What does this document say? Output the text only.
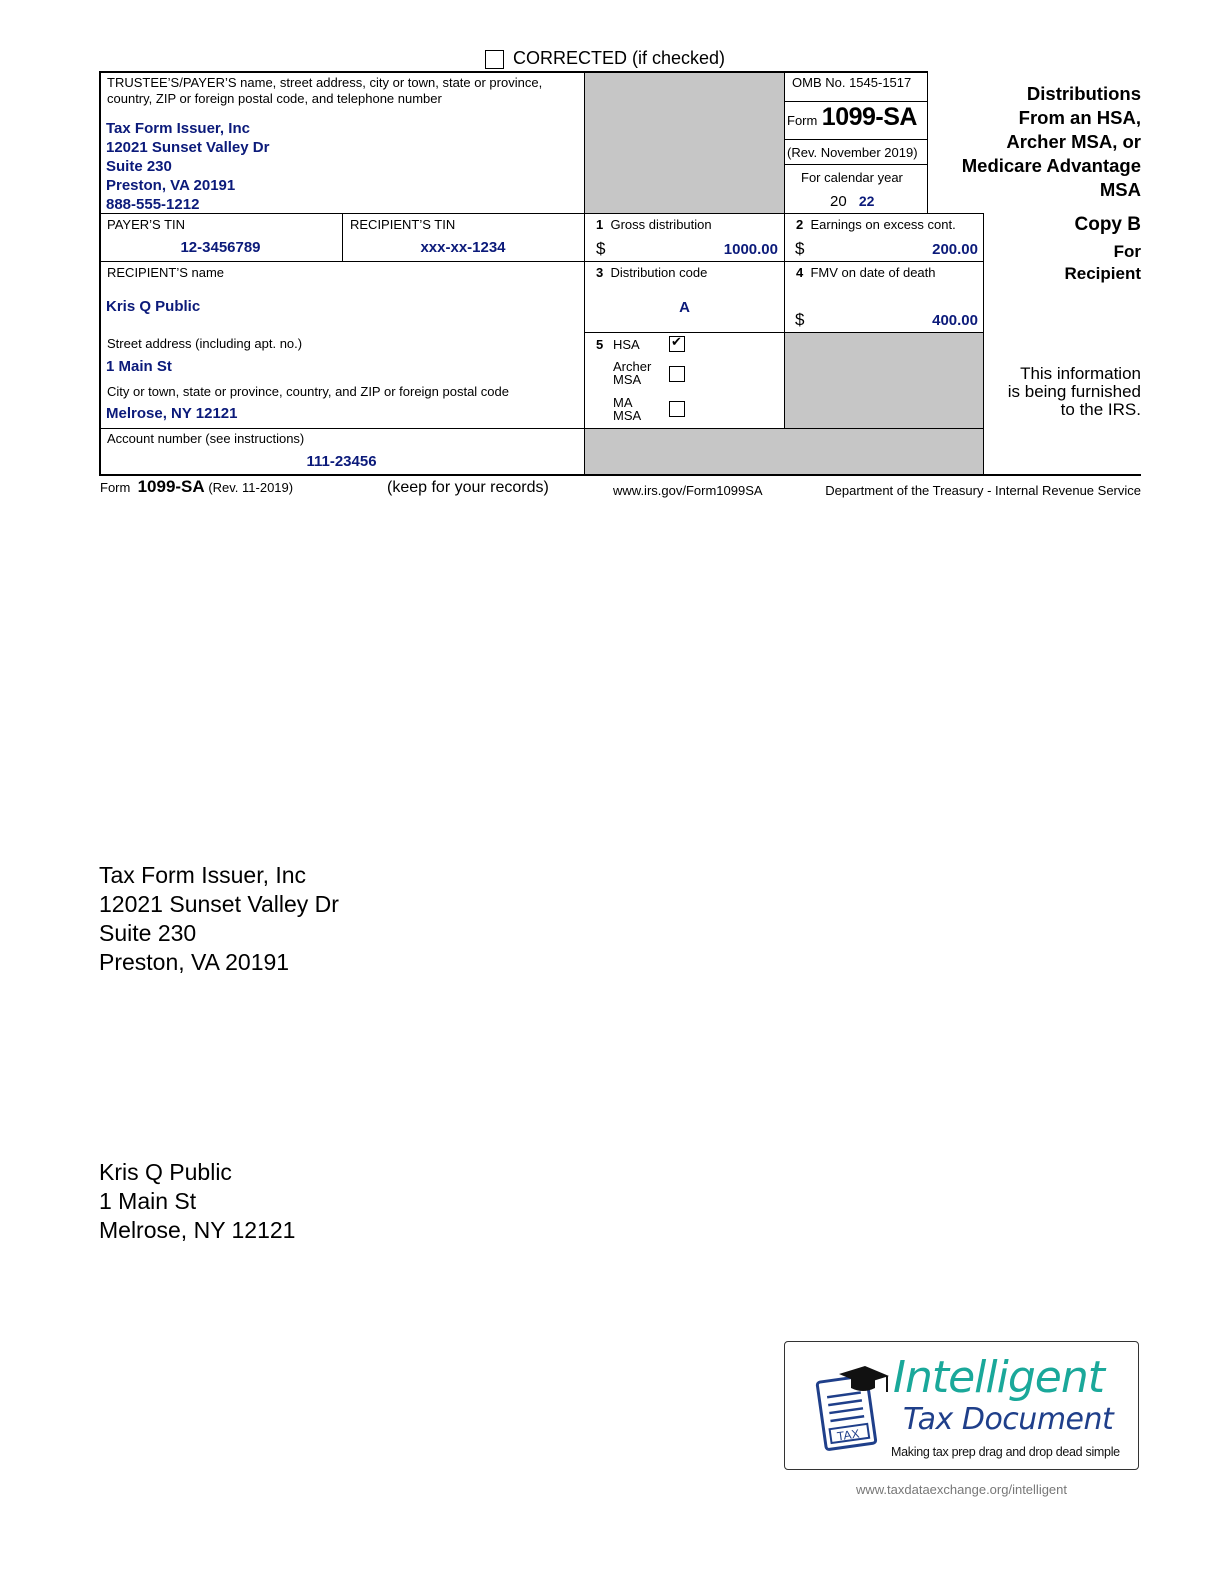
CORRECTED (if checked)
TRUSTEE’S/PAYER’S name, street address, city or town, state or province, country, ZIP or foreign postal code, and telephone number
Tax Form Issuer, Inc
12021 Sunset Valley Dr
Suite 230
Preston, VA 20191
888-555-1212
OMB No. 1545-1517
Form 1099-SA
(Rev. November 2019)
For calendar year
20 22
Distributions
From an HSA,
Archer MSA, or
Medicare Advantage
MSA
PAYER’S TIN
12-3456789
RECIPIENT’S TIN
xxx-xx-1234
1 Gross distribution
$	1000.00
2 Earnings on excess cont.
$	200.00
Copy B
For
Recipient
RECIPIENT’S name
Kris Q Public
3 Distribution code
A
4 FMV on date of death
$	400.00
Street address (including apt. no.)
1 Main St
City or town, state or province, country, and ZIP or foreign postal code
Melrose, NY 12121
5 HSA
✔
Archer
MSA
MA
MSA
This information
is being furnished
to the IRS.
Account number (see instructions)
111-23456
Form 1099-SA (Rev. 11-2019)	(keep for your records)	www.irs.gov/Form1099SA	Department of the Treasury - Internal Revenue Service
Tax Form Issuer, Inc
12021 Sunset Valley Dr
Suite 230
Preston, VA 20191
Kris Q Public
1 Main St
Melrose, NY 12121
TAX
Intelligent
Tax Document
Making tax prep drag and drop dead simple
www.taxdataexchange.org/intelligent
